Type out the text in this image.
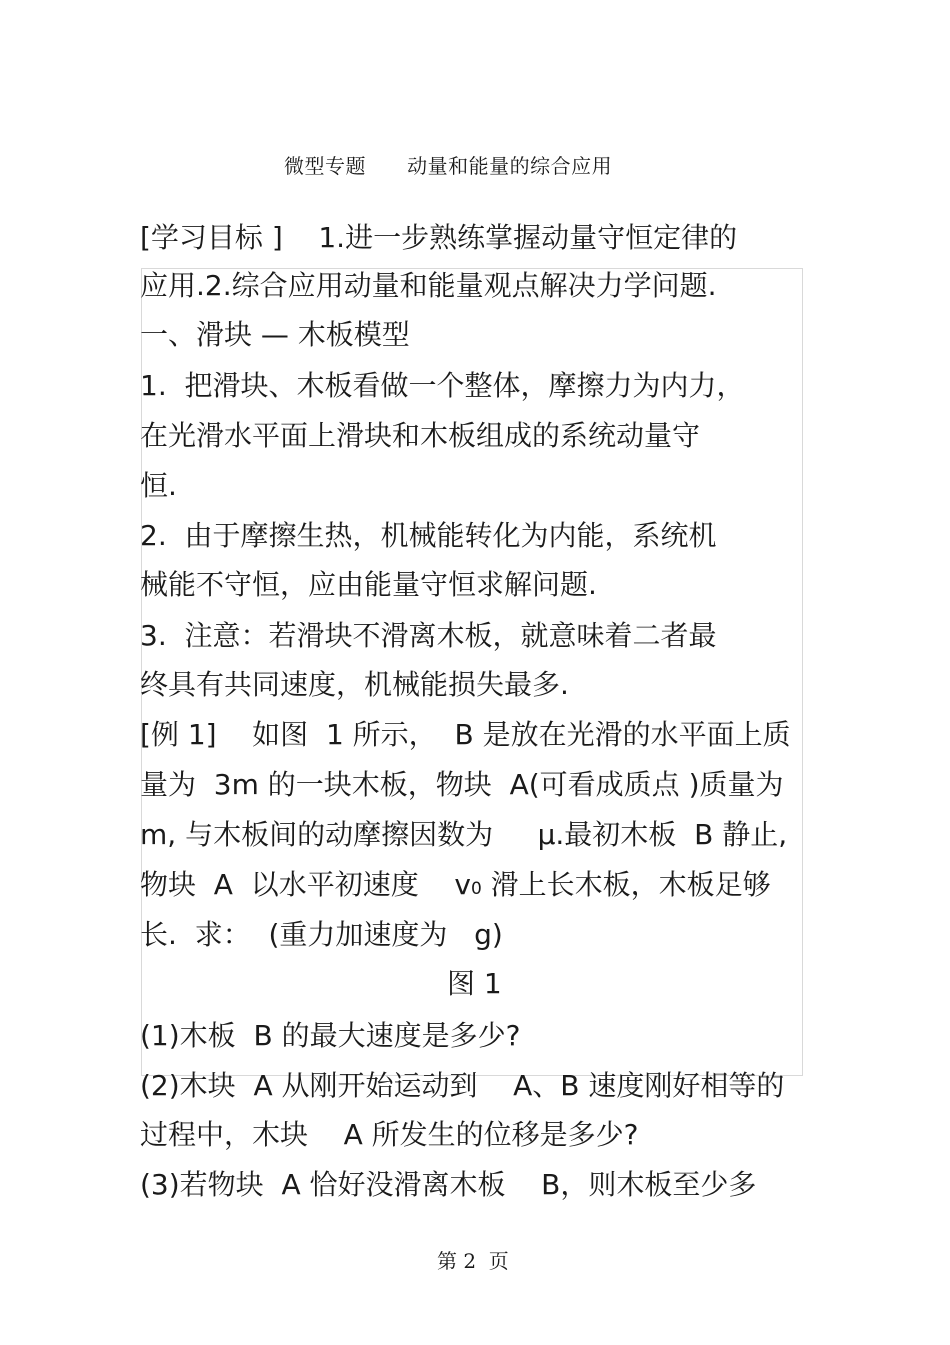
微型专题      动量和能量的综合应用
[学习目标 ]    1.进一步熟练掌握动量守恒定律的
应用.2.综合应用动量和能量观点解决力学问题.
一、滑块 — 木板模型
1.  把滑块、木板看做一个整体，摩擦力为内力，
在光滑水平面上滑块和木板组成的系统动量守
恒.
2.  由于摩擦生热，机械能转化为内能，系统机
械能不守恒，应由能量守恒求解问题.
3.  注意：若滑块不滑离木板，就意味着二者最
终具有共同速度，机械能损失最多.
[例 1]    如图  1 所示，  B 是放在光滑的水平面上质
量为  3m 的一块木板，物块  A(可看成质点 )质量为
m, 与木板间的动摩擦因数为     μ.最初木板  B 静止,
物块  A  以水平初速度    v0 滑上长木板，木板足够
长.  求：  (重力加速度为   g)
图 1
(1)木板  B 的最大速度是多少?
(2)木块  A 从刚开始运动到    A、B 速度刚好相等的
过程中，木块    A 所发生的位移是多少?
(3)若物块  A 恰好没滑离木板    B，则木板至少多
第 2  页
